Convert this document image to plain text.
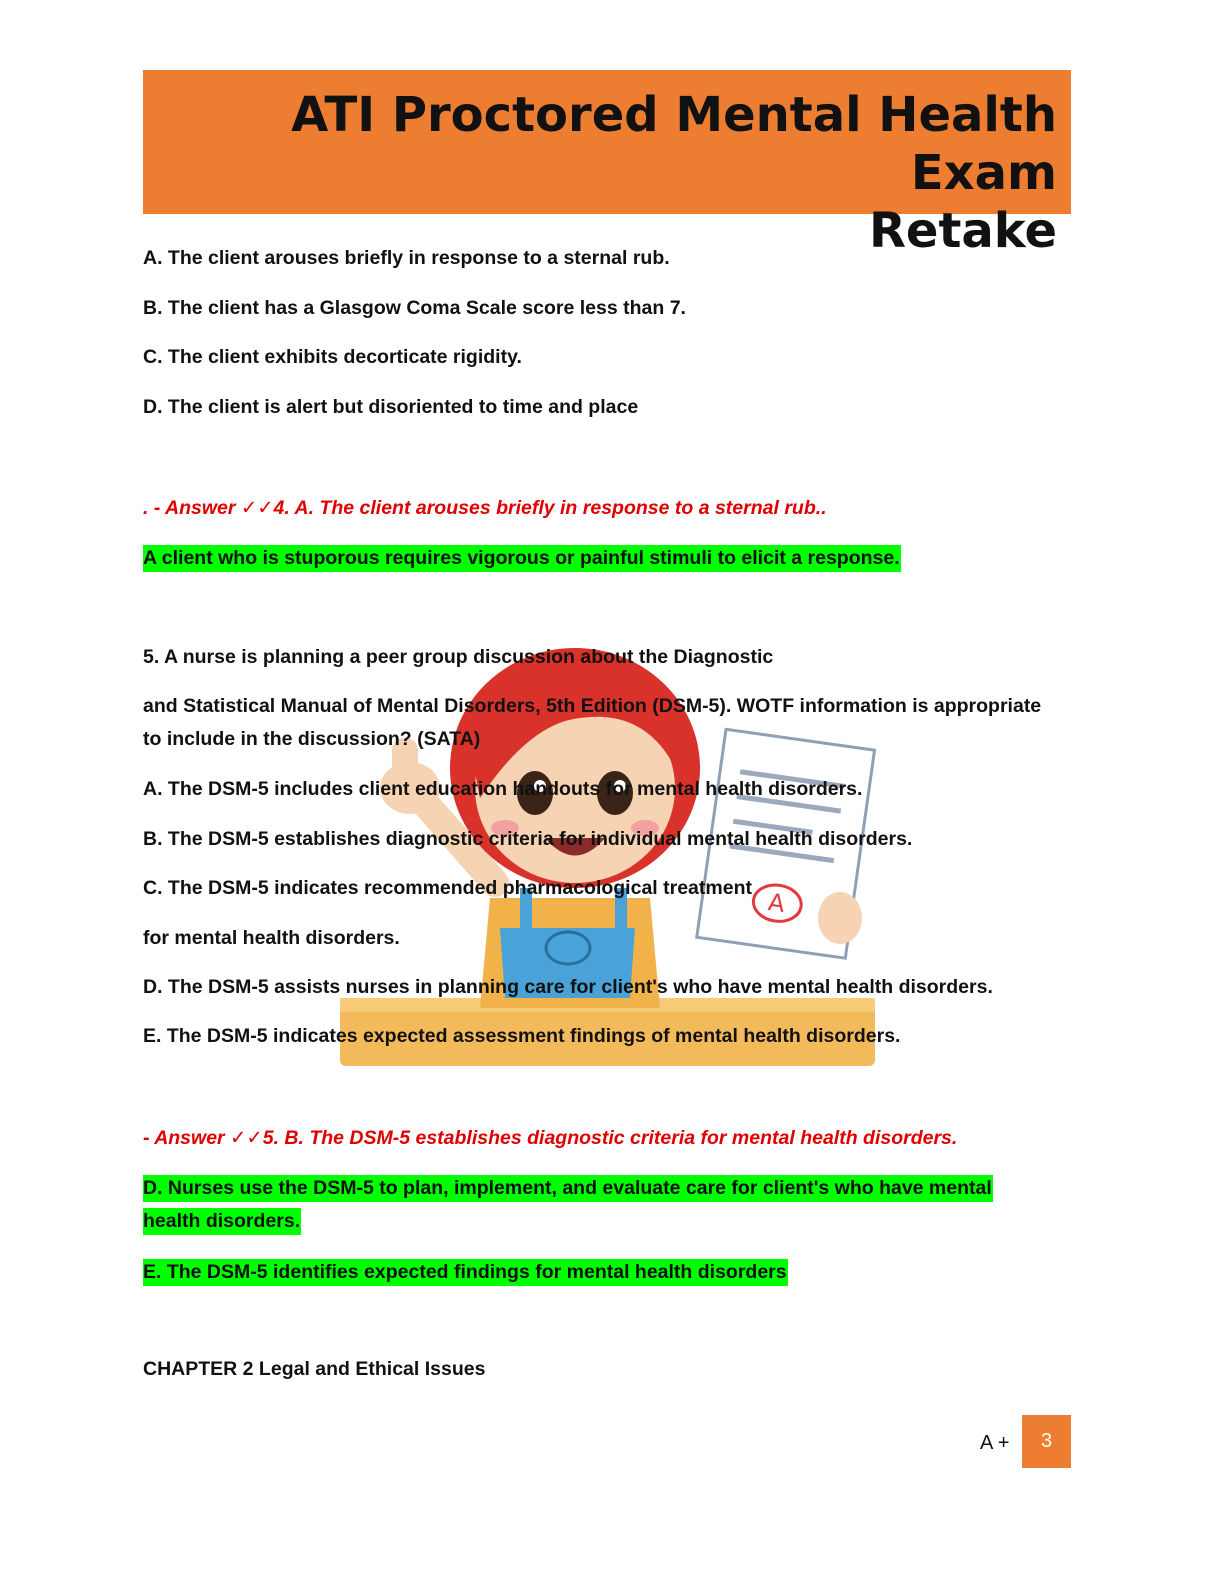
ATI Proctored Mental Health Exam
Retake
A

A. The client arouses briefly in response to a sternal rub.

B. The client has a Glasgow Coma Scale score less than 7.

C. The client exhibits decorticate rigidity.

D. The client is alert but disoriented to time and place

. - Answer ✓✓4. A. The client arouses briefly in response to a sternal rub..

A client who is stuporous requires vigorous or painful stimuli to elicit a response.

5. A nurse is planning a peer group discussion about the Diagnostic

and Statistical Manual of Mental Disorders, 5th Edition (DSM-5). WOTF information is appropriate to include in the discussion? (SATA)

A. The DSM-5 includes client education handouts for mental health disorders.

B. The DSM-5 establishes diagnostic criteria for individual mental health disorders.

C. The DSM-5 indicates recommended pharmacological treatment

for mental health disorders.

D. The DSM-5 assists nurses in planning care for client's who have mental health disorders.

E. The DSM-5 indicates expected assessment findings of mental health disorders.

- Answer ✓✓5. B. The DSM-5 establishes diagnostic criteria for mental health disorders.

D. Nurses use the DSM-5 to plan, implement, and evaluate care for client's who have mental health disorders.

E. The DSM-5 identifies expected findings for mental health disorders

CHAPTER 2 Legal and Ethical Issues

A +	3
